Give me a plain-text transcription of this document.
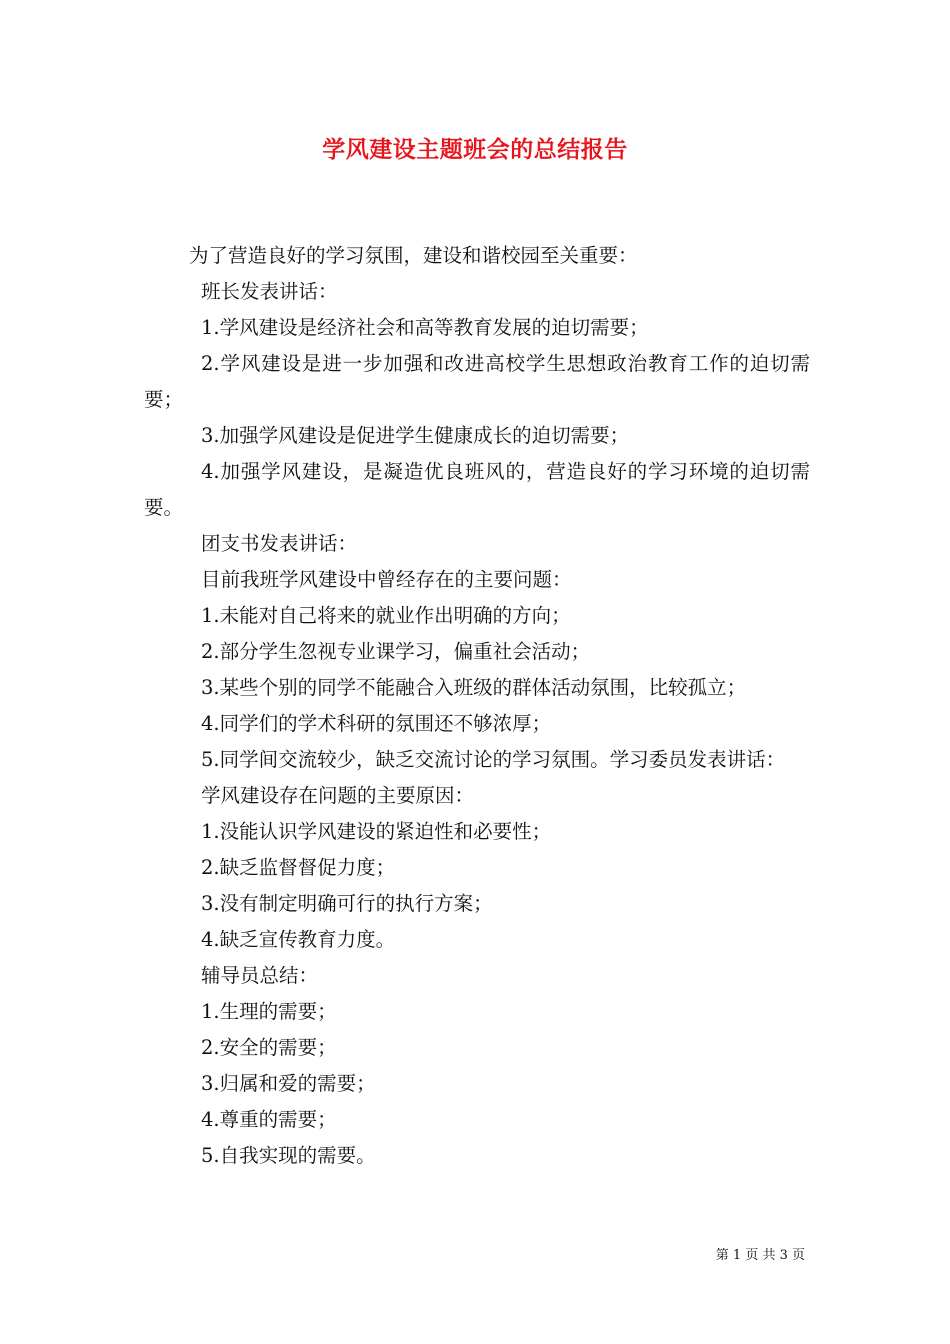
学风建设主题班会的总结报告

为了营造良好的学习氛围，建设和谐校园至关重要：

班长发表讲话：

1.学风建设是经济社会和高等教育发展的迫切需要；

2.学风建设是进一步加强和改进高校学生思想政治教育工作的迫切需要；

3.加强学风建设是促进学生健康成长的迫切需要；

4.加强学风建设，是凝造优良班风的，营造良好的学习环境的迫切需要。

团支书发表讲话：

目前我班学风建设中曾经存在的主要问题：

1.未能对自己将来的就业作出明确的方向；

2.部分学生忽视专业课学习，偏重社会活动；

3.某些个别的同学不能融合入班级的群体活动氛围，比较孤立；

4.同学们的学术科研的氛围还不够浓厚；

5.同学间交流较少，缺乏交流讨论的学习氛围。学习委员发表讲话：

学风建设存在问题的主要原因：

1.没能认识学风建设的紧迫性和必要性；

2.缺乏监督督促力度；

3.没有制定明确可行的执行方案；

4.缺乏宣传教育力度。

辅导员总结：

1.生理的需要；

2.安全的需要；

3.归属和爱的需要；

4.尊重的需要；

5.自我实现的需要。

第 1 页 共 3 页
